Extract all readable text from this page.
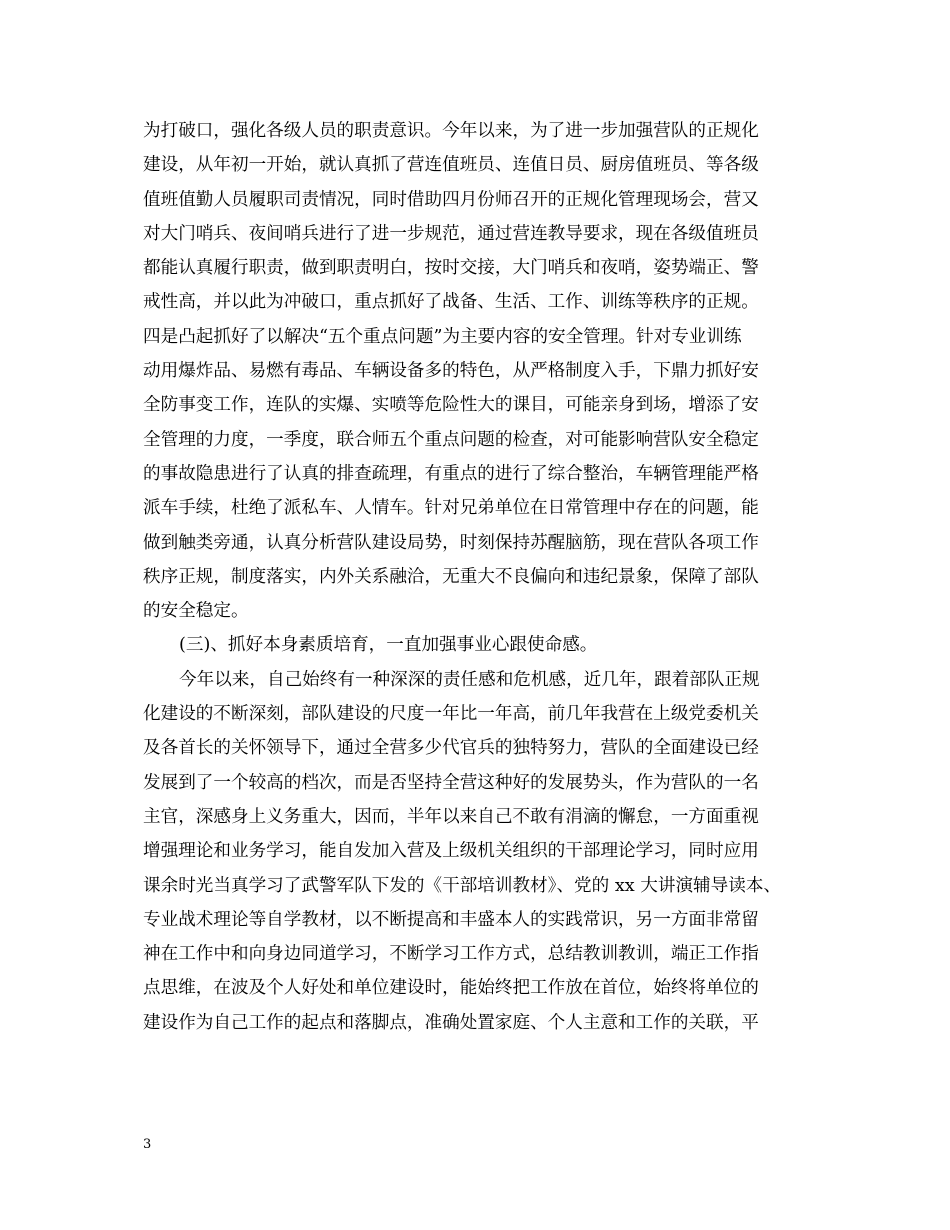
为打破口，强化各级人员的职责意识。今年以来，为了进一步加强营队的正规化
建设，从年初一开始，就认真抓了营连值班员、连值日员、厨房值班员、等各级
值班值勤人员履职司责情况，同时借助四月份师召开的正规化管理现场会，营又
对大门哨兵、夜间哨兵进行了进一步规范，通过营连教导要求，现在各级值班员
都能认真履行职责，做到职责明白，按时交接，大门哨兵和夜哨，姿势端正、警
戒性高，并以此为冲破口，重点抓好了战备、生活、工作、训练等秩序的正规。
四是凸起抓好了以解决“五个重点问题”为主要内容的安全管理。针对专业训练
动用爆炸品、易燃有毒品、车辆设备多的特色，从严格制度入手，下鼎力抓好安
全防事变工作，连队的实爆、实喷等危险性大的课目，可能亲身到场，增添了安
全管理的力度，一季度，联合师五个重点问题的检查，对可能影响营队安全稳定
的事故隐患进行了认真的排查疏理，有重点的进行了综合整治，车辆管理能严格
派车手续，杜绝了派私车、人情车。针对兄弟单位在日常管理中存在的问题，能
做到触类旁通，认真分析营队建设局势，时刻保持苏醒脑筋，现在营队各项工作
秩序正规，制度落实，内外关系融洽，无重大不良偏向和违纪景象，保障了部队
的安全稳定。
(三)、抓好本身素质培育，一直加强事业心跟使命感。
今年以来，自己始终有一种深深的责任感和危机感，近几年，跟着部队正规
化建设的不断深刻，部队建设的尺度一年比一年高，前几年我营在上级党委机关
及各首长的关怀领导下，通过全营多少代官兵的独特努力，营队的全面建设已经
发展到了一个较高的档次，而是否坚持全营这种好的发展势头，作为营队的一名
主官，深感身上义务重大，因而，半年以来自己不敢有涓滴的懈怠，一方面重视
增强理论和业务学习，能自发加入营及上级机关组织的干部理论学习，同时应用
课余时光当真学习了武警军队下发的《干部培训教材》、党的 xx 大讲演辅导读本、
专业战术理论等自学教材，以不断提高和丰盛本人的实践常识，另一方面非常留
神在工作中和向身边同道学习，不断学习工作方式，总结教训教训，端正工作指
点思维，在波及个人好处和单位建设时，能始终把工作放在首位，始终将单位的
建设作为自己工作的起点和落脚点，准确处置家庭、个人主意和工作的关联，平
3
